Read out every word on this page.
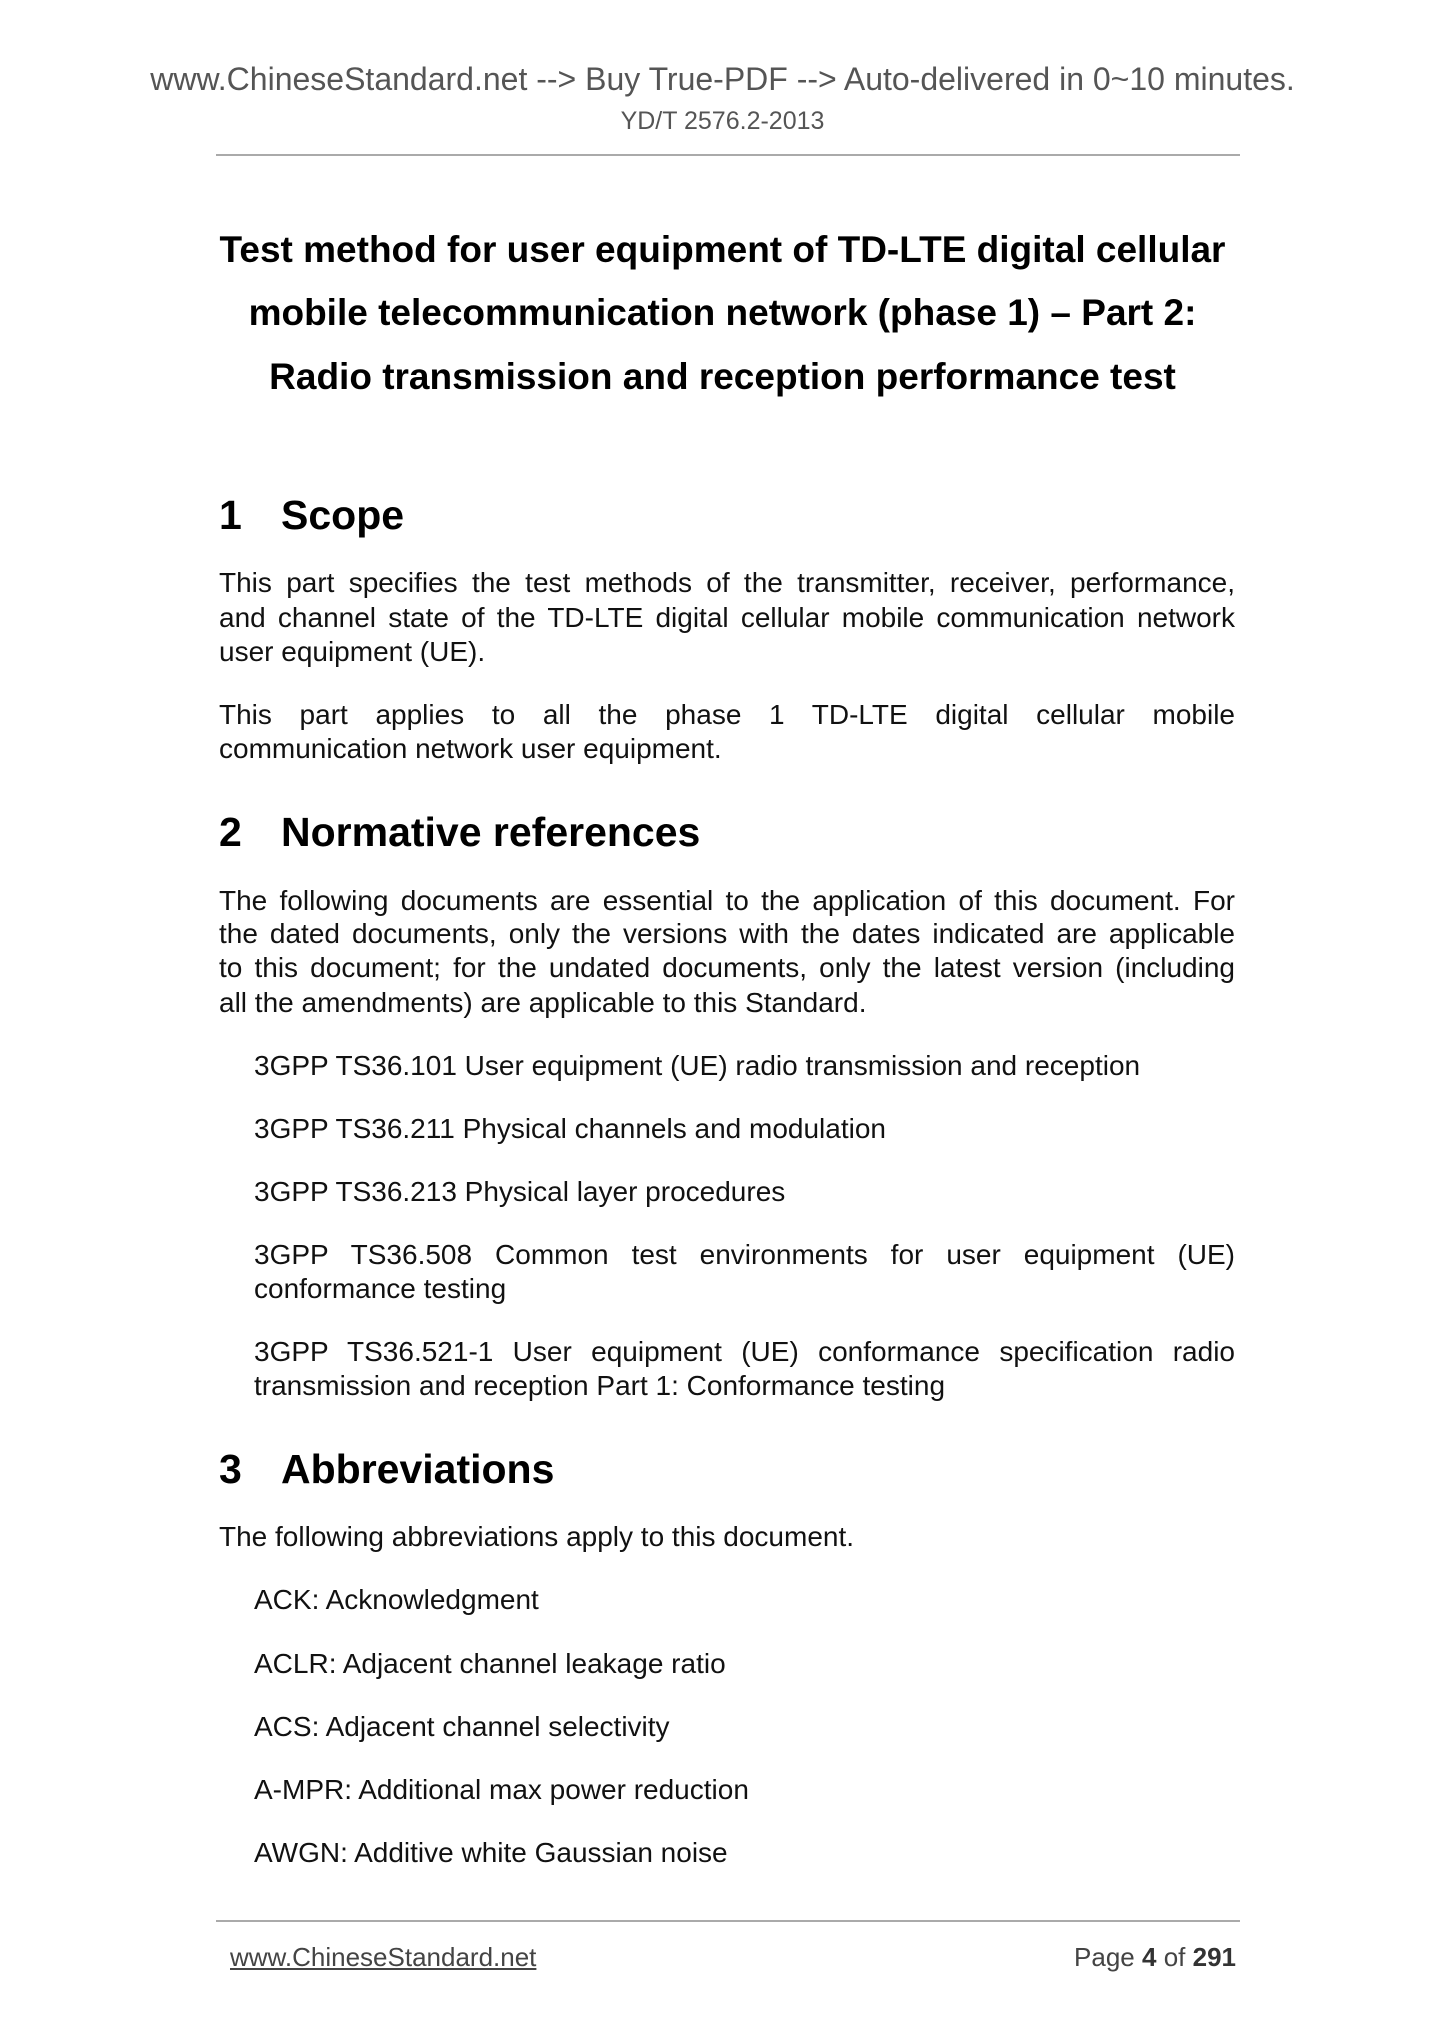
www.ChineseStandard.net --> Buy True-PDF --> Auto-delivered in 0~10 minutes.
YD/T 2576.2-2013
Test method for user equipment of TD-LTE digital cellular
mobile telecommunication network (phase 1) – Part 2:
Radio transmission and reception performance test
1 Scope
This part specifies the test methods of the transmitter, receiver, performance,
and channel state of the TD-LTE digital cellular mobile communication network
user equipment (UE).
This part applies to all the phase 1 TD-LTE digital cellular mobile
communication network user equipment.
2 Normative references
The following documents are essential to the application of this document. For
the dated documents, only the versions with the dates indicated are applicable
to this document; for the undated documents, only the latest version (including
all the amendments) are applicable to this Standard.
3GPP TS36.101 User equipment (UE) radio transmission and reception
3GPP TS36.211 Physical channels and modulation
3GPP TS36.213 Physical layer procedures
3GPP TS36.508 Common test environments for user equipment (UE)
conformance testing
3GPP TS36.521-1 User equipment (UE) conformance specification radio
transmission and reception Part 1: Conformance testing
3 Abbreviations
The following abbreviations apply to this document.
ACK: Acknowledgment
ACLR: Adjacent channel leakage ratio
ACS: Adjacent channel selectivity
A-MPR: Additional max power reduction
AWGN: Additive white Gaussian noise
www.ChineseStandard.net	Page 4 of 291
